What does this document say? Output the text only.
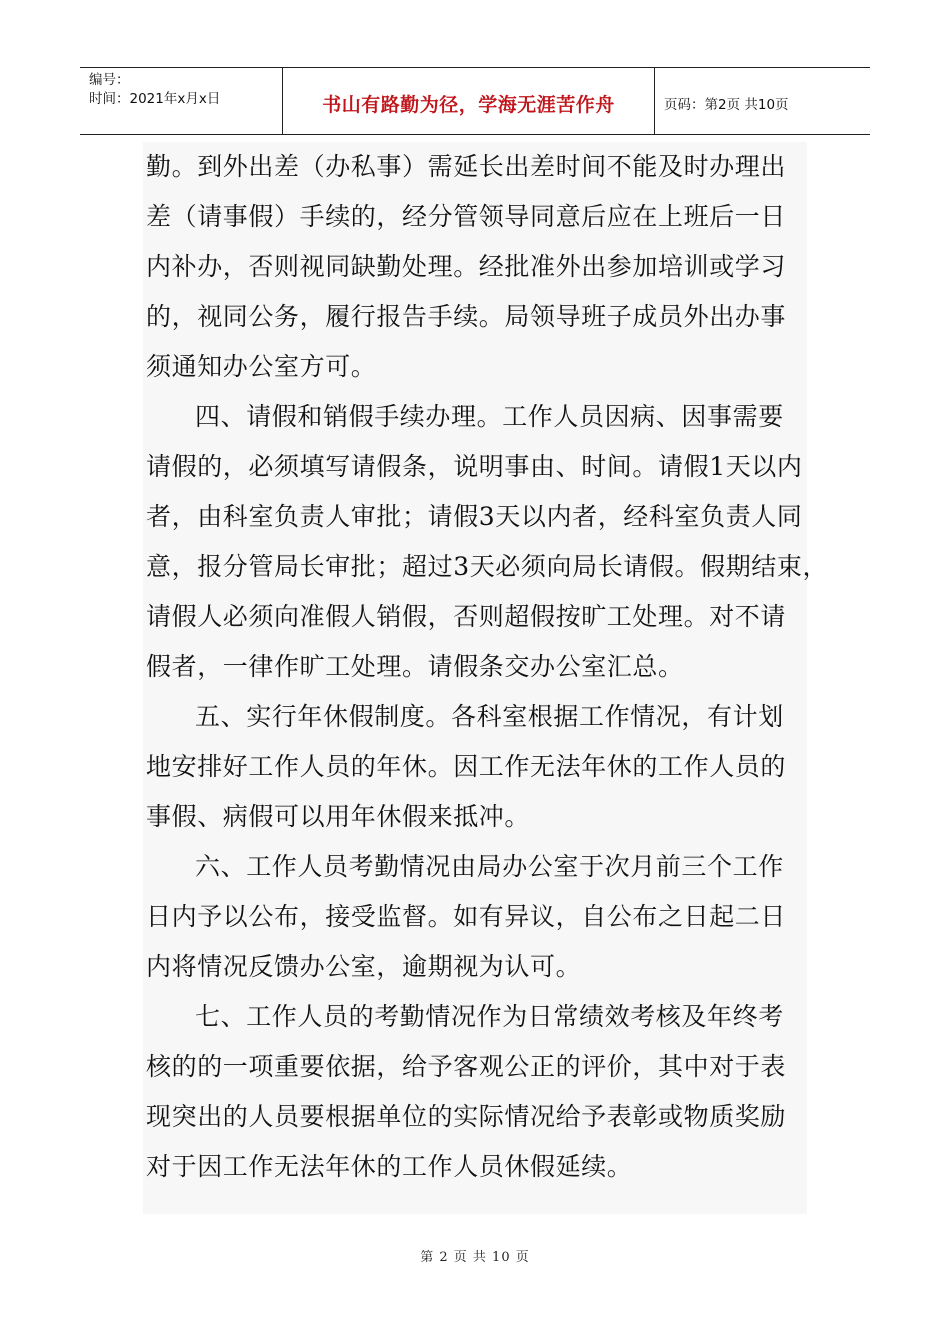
编号：
时间：2021年x月x日	书山有路勤为径，学海无涯苦作舟	页码：第2页 共10页
勤。到外出差（办私事）需延长出差时间不能及时办理出
差（请事假）手续的，经分管领导同意后应在上班后一日
内补办，否则视同缺勤处理。经批准外出参加培训或学习
的，视同公务，履行报告手续。局领导班子成员外出办事
须通知办公室方可。
四、请假和销假手续办理。工作人员因病、因事需要
请假的，必须填写请假条，说明事由、时间。请假1天以内
者，由科室负责人审批；请假3天以内者，经科室负责人同
意，报分管局长审批；超过3天必须向局长请假。假期结束，
请假人必须向准假人销假，否则超假按旷工处理。对不请
假者，一律作旷工处理。请假条交办公室汇总。
五、实行年休假制度。各科室根据工作情况，有计划
地安排好工作人员的年休。因工作无法年休的工作人员的
事假、病假可以用年休假来抵冲。
六、工作人员考勤情况由局办公室于次月前三个工作
日内予以公布，接受监督。如有异议，自公布之日起二日
内将情况反馈办公室，逾期视为认可。
七、工作人员的考勤情况作为日常绩效考核及年终考
核的的一项重要依据，给予客观公正的评价，其中对于表
现突出的人员要根据单位的实际情况给予表彰或物质奖励
对于因工作无法年休的工作人员休假延续。
第 2 页 共 10 页
